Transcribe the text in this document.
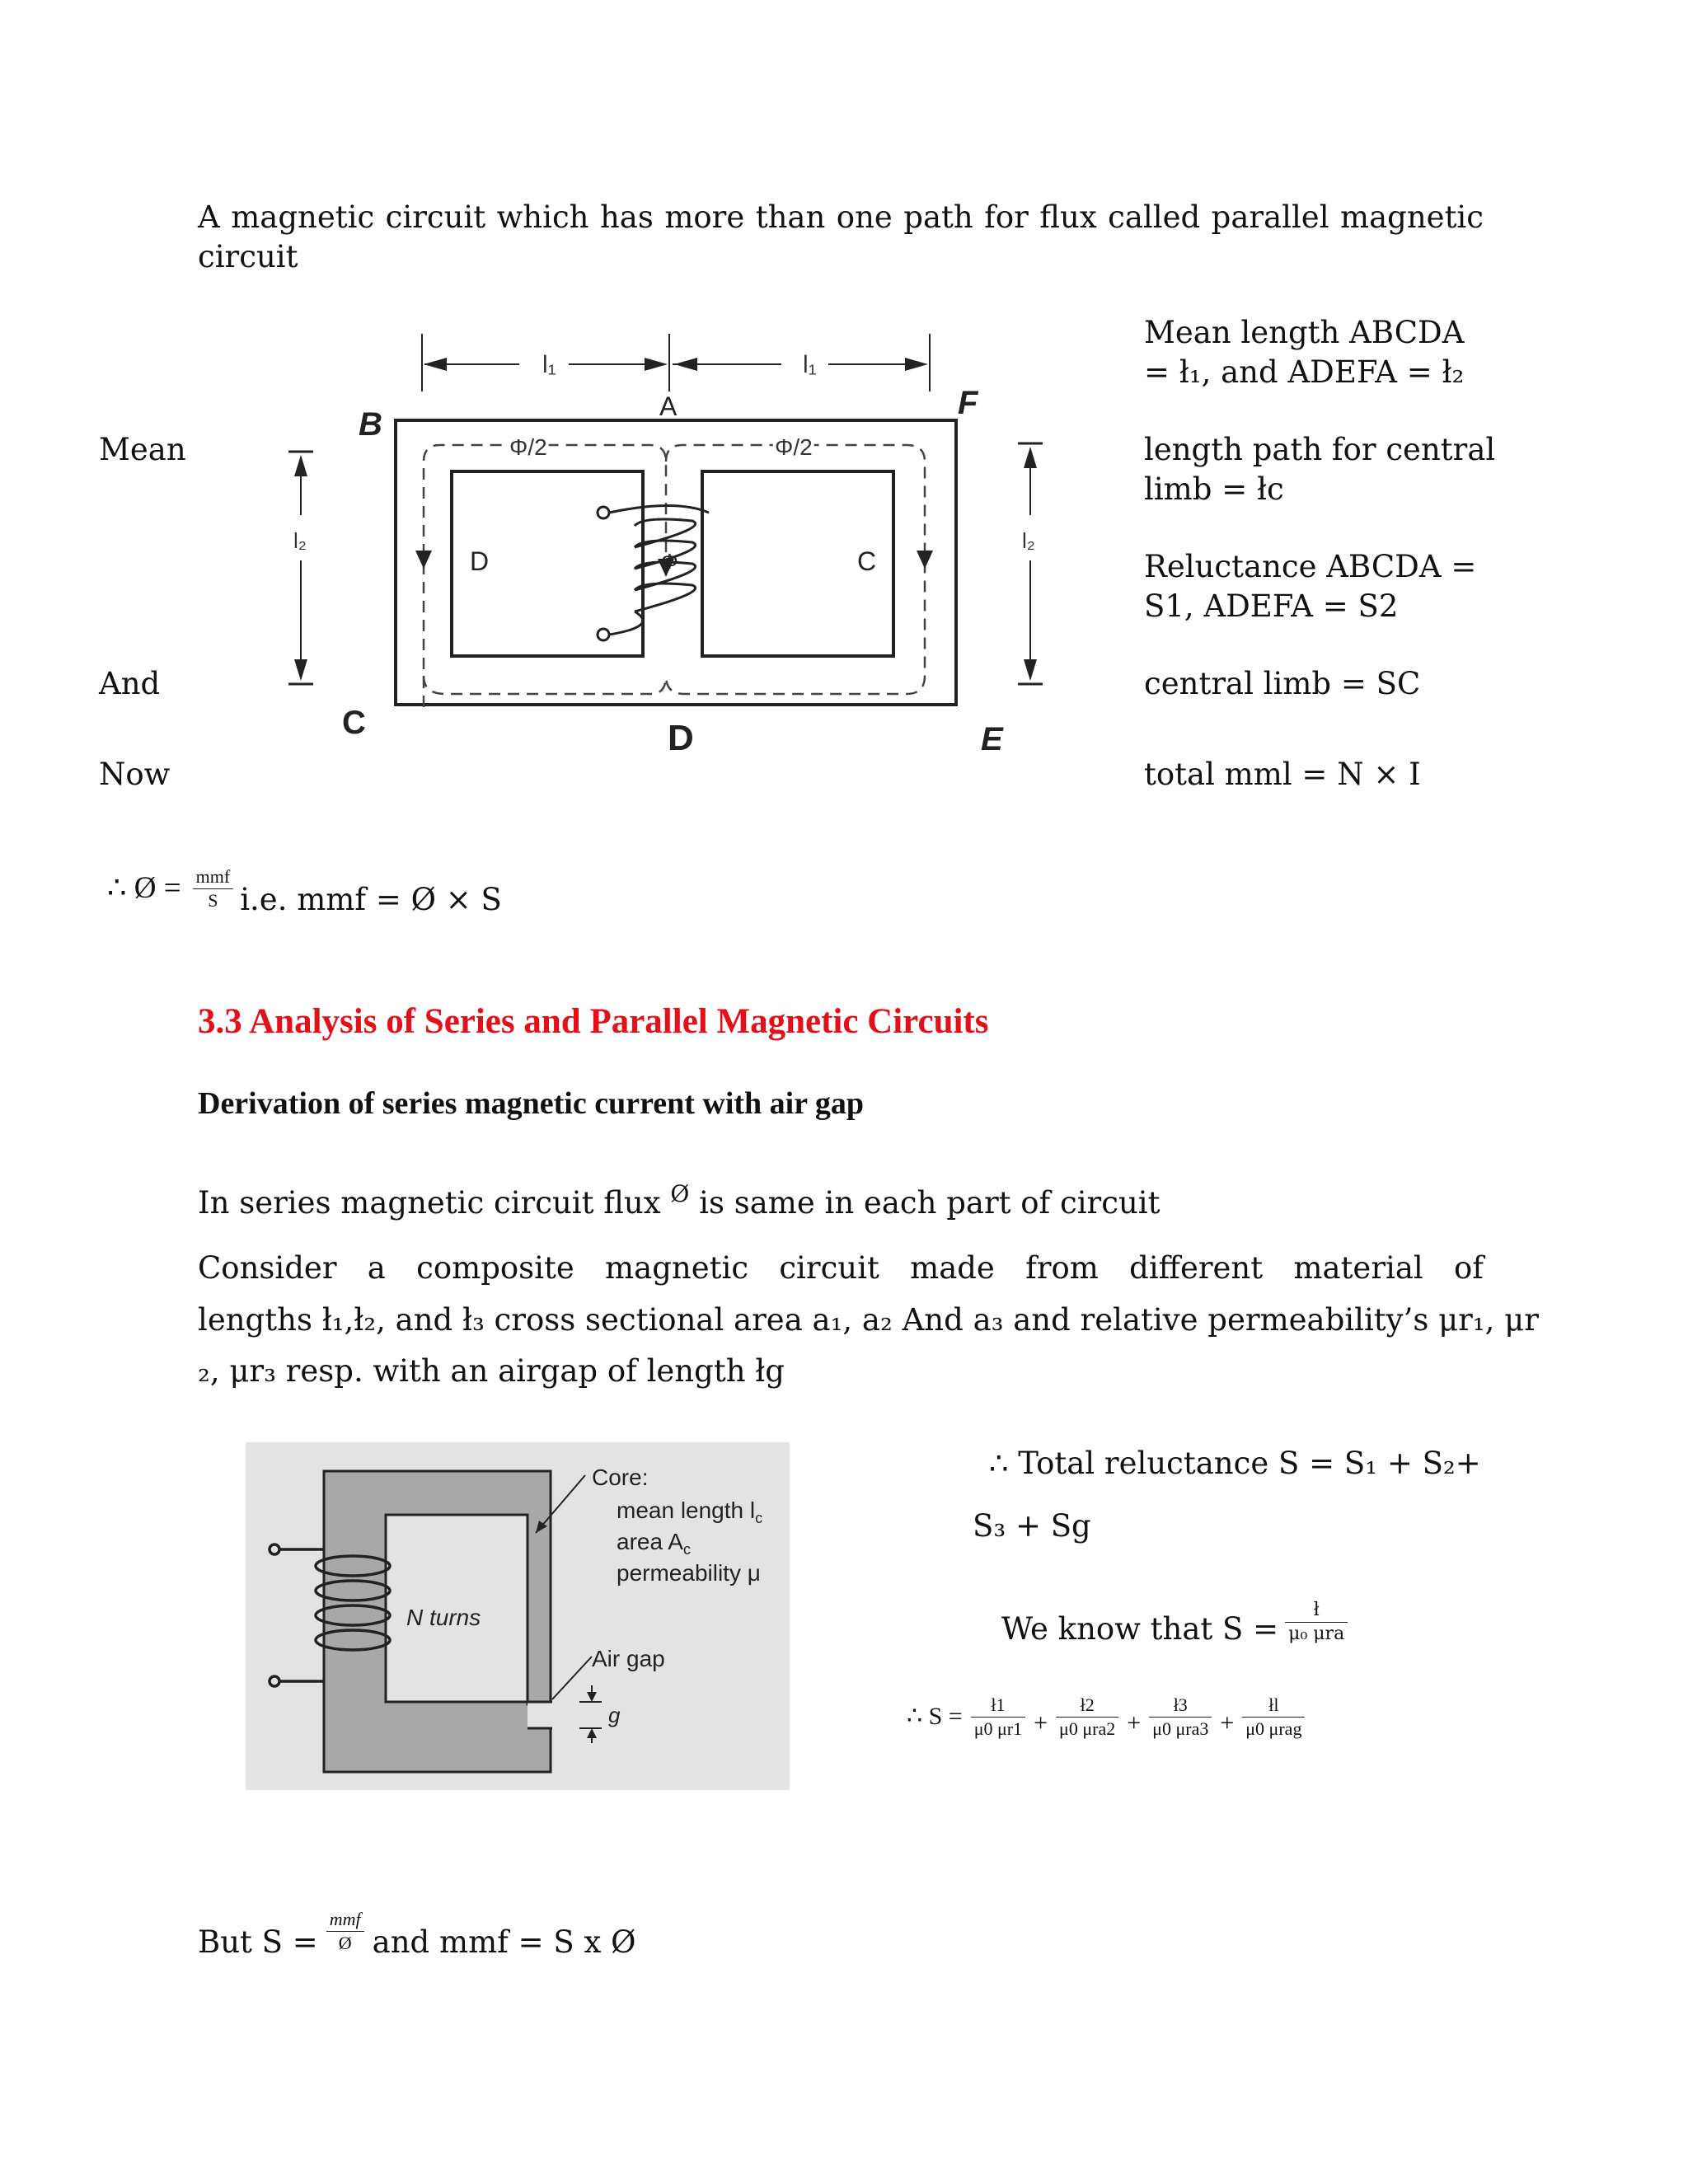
A magnetic circuit which has more than one path for flux called parallel magnetic
circuit
Mean
And
Now
Mean length ABCDA
= ł₁, and ADEFA = ł₂
length path for central
limb = łc
Reluctance ABCDA =
S1, ADEFA = S2
central limb = SC
total mml = N × I
l₁	l₁
A
B
F
C	D	E
Φ/2	Φ/2
D	C
Φ
l₂	l₂
∴ Ø = $\frac{\text{mmf}}{S} i.e$. mmf = Ø × S
3.3 Analysis of Series and Parallel Magnetic Circuits
Derivation of series magnetic current with air gap
In series magnetic circuit flux $^Ø$ is same in each part of circuit
Consider a composite magnetic circuit made from different material of
lengths ł₁,ł₂, and ł₃ cross sectional area a₁, a₂ And a₃ and relative permeability’s μr₁, μr
₂, μr₃ resp. with an airgap of length łg
Core:
mean length $l_c$
area $A_c$
permeability μ
N turns
Air gap
g
∴ Total reluctance S = S₁ + S₂+
S₃ + Sg
We know that $S = \frac{ł}{\text{μ₀ μra}}$
∴ $S = \frac{ł1}{\mu 0 \mu r1} + \frac{ł2}{\text{μ0 μra2}} + \frac{ł3}{\text{μ0 μra3}} + \frac{łl}{\text{μ0 μrag}}$
But $S = \frac{\text{mmf}}{Ø}$ and mmf = S x Ø
